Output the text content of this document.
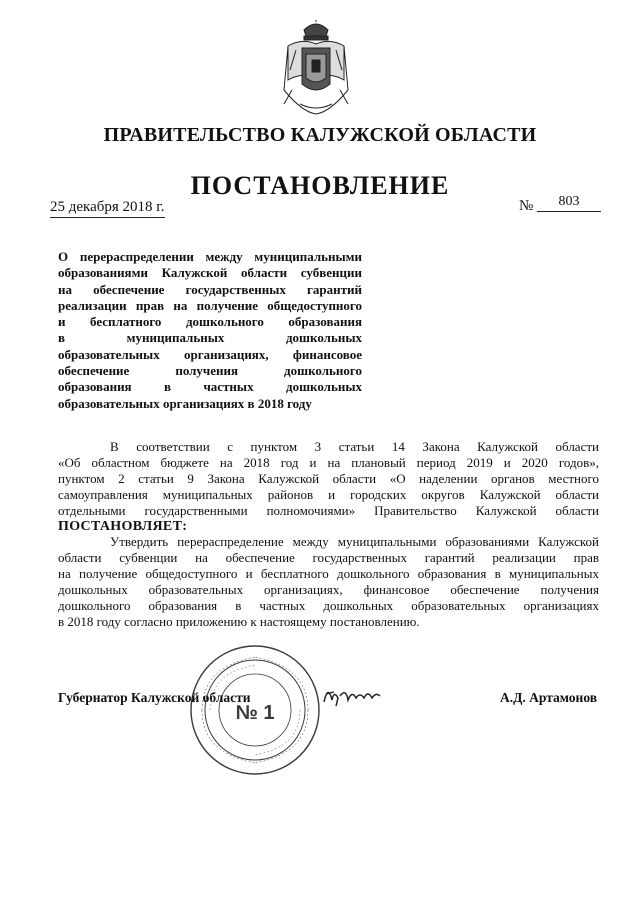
ПРАВИТЕЛЬСТВО КАЛУЖСКОЙ ОБЛАСТИ
ПОСТАНОВЛЕНИЕ
25 декабря 2018 г.	№	803
О перераспределении между муниципальными
образованиями Калужской области субвенции
на обеспечение государственных гарантий
реализации прав на получение общедоступного
и бесплатного дошкольного образования
в муниципальных дошкольных
образовательных организациях, финансовое
обеспечение получения дошкольного
образования в частных дошкольных
образовательных организациях в 2018 году
В соответствии с пунктом 3 статьи 14 Закона Калужской области
«Об областном бюджете на 2018 год и на плановый период 2019 и 2020 годов»,
пунктом 2 статьи 9 Закона Калужской области «О наделении органов местного
самоуправления муниципальных районов и городских округов Калужской области
отдельными государственными полномочиями» Правительство Калужской области
ПОСТАНОВЛЯЕТ:
Утвердить перераспределение между муниципальными образованиями Калужской
области субвенции на обеспечение государственных гарантий реализации прав
на получение общедоступного и бесплатного дошкольного образования в муниципальных
дошкольных образовательных организациях, финансовое обеспечение получения
дошкольного образования в частных дошкольных образовательных организациях
в 2018 году согласно приложению к настоящему постановлению.
№ 1
Губернатор Калужской области	А.Д. Артамонов
